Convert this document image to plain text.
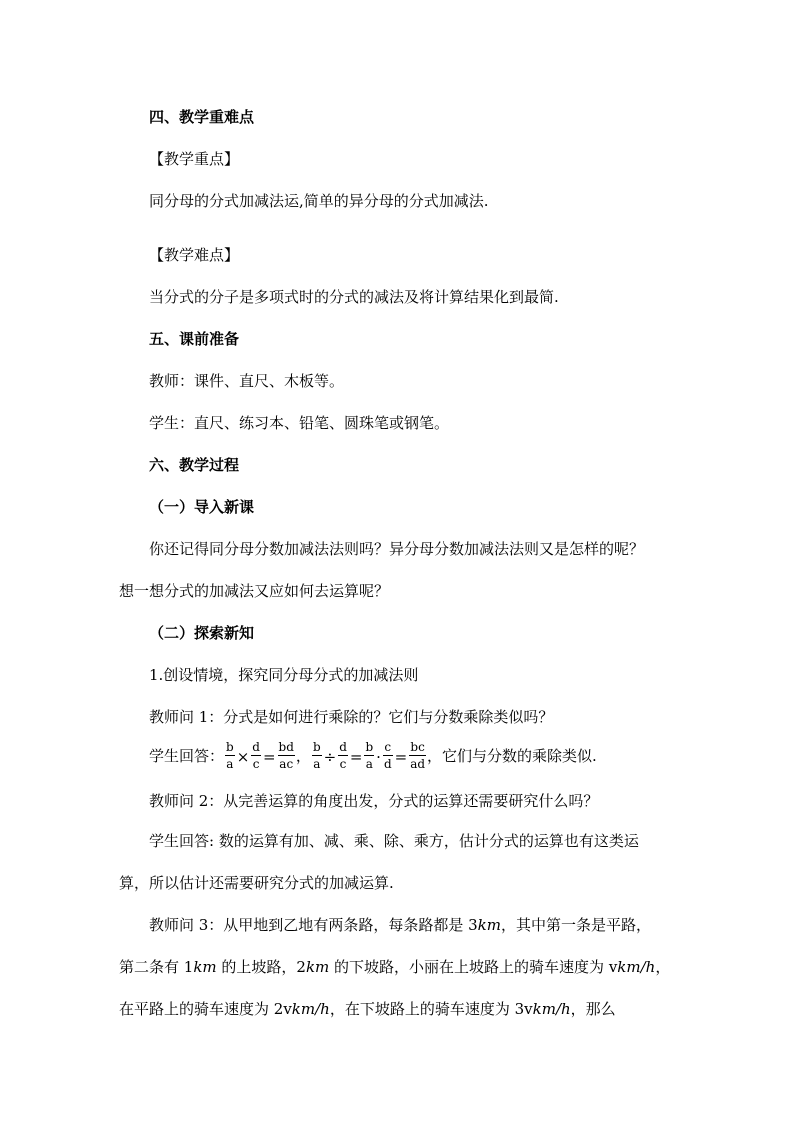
四、教学重难点
【教学重点】
同分母的分式加减法运,简单的异分母的分式加减法.
【教学难点】
当分式的分子是多项式时的分式的减法及将计算结果化到最简.
五、课前准备
教师：课件、直尺、木板等。
学生：直尺、练习本、铅笔、圆珠笔或钢笔。
六、教学过程
（一）导入新课
你还记得同分母分数加减法法则吗？异分母分数加减法法则又是怎样的呢？
想一想分式的加减法又应如何去运算呢？
（二）探索新知
1.创设情境，探究同分母分式的加减法则
教师问 1：分式是如何进行乘除的？它们与分数乘除类似吗？
学生回答： $\frac{b}{a} \times \frac{d}{c} = \frac{bd}{ac}$ ， $\frac{b}{a} \div \frac{d}{c} = \frac{b}{a} \cdot \frac{c}{d} = \frac{bc}{ad}$ ，它们与分数的乘除类似.
教师问 2：从完善运算的角度出发，分式的运算还需要研究什么吗？
学生回答: 数的运算有加、减、乘、除、乘方，估计分式的运算也有这类运
算，所以估计还需要研究分式的加减运算.
教师问 3：从甲地到乙地有两条路，每条路都是 3km，其中第一条是平路，
第二条有 1km 的上坡路，2km 的下坡路，小丽在上坡路上的骑车速度为 vkm/h，
在平路上的骑车速度为 2vkm/h，在下坡路上的骑车速度为 3vkm/h，那么
